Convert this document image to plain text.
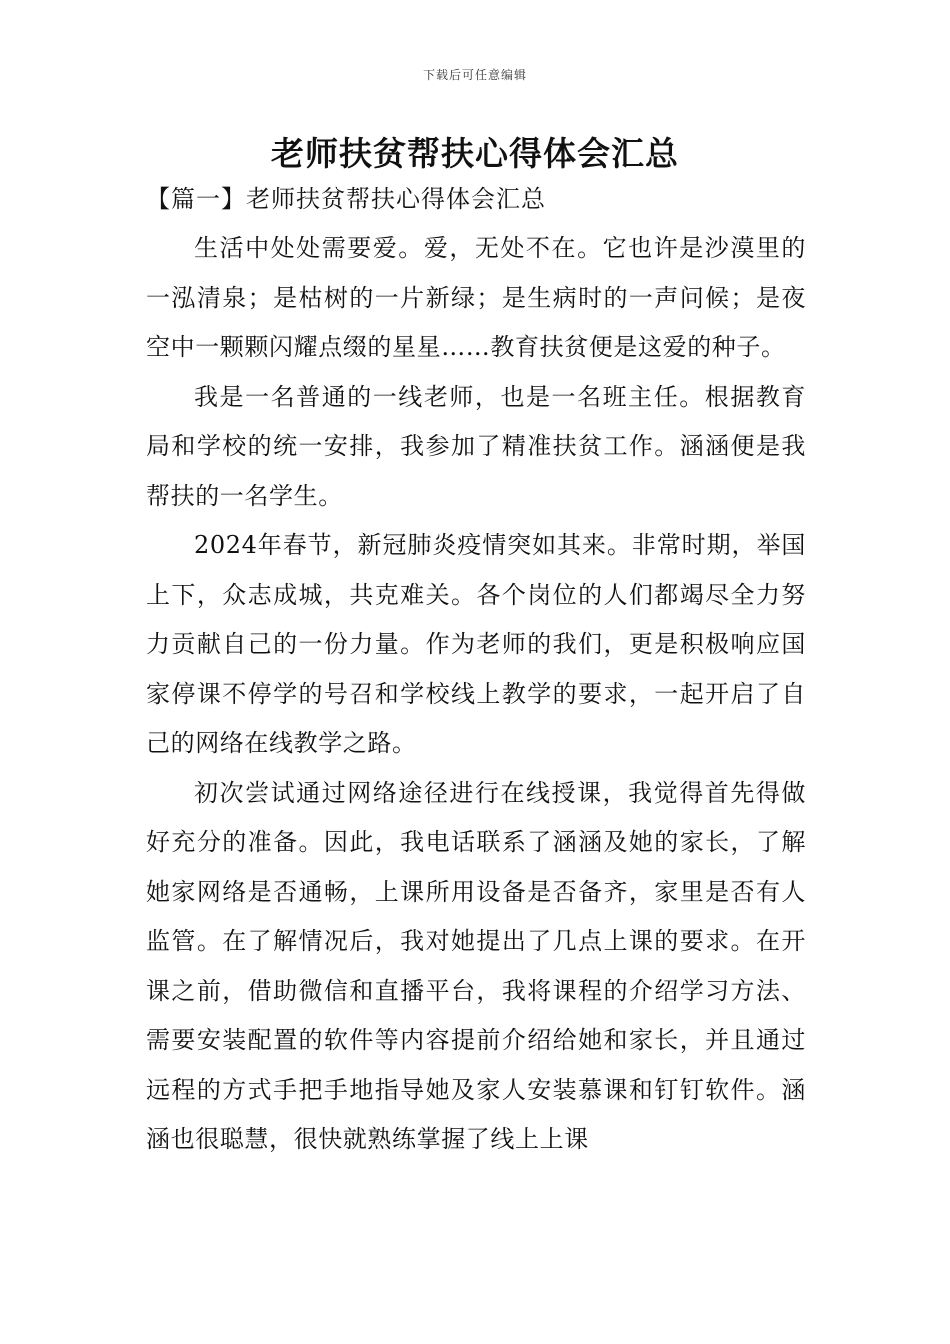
下载后可任意编辑
老师扶贫帮扶心得体会汇总
【篇一】老师扶贫帮扶心得体会汇总

生活中处处需要爱。爱，无处不在。它也许是沙漠里的一泓清泉；是枯树的一片新绿；是生病时的一声问候；是夜空中一颗颗闪耀点缀的星星……教育扶贫便是这爱的种子。

我是一名普通的一线老师，也是一名班主任。根据教育局和学校的统一安排，我参加了精准扶贫工作。涵涵便是我帮扶的一名学生。

2024年春节，新冠肺炎疫情突如其来。非常时期，举国上下，众志成城，共克难关。各个岗位的人们都竭尽全力努力贡献自己的一份力量。作为老师的我们，更是积极响应国家停课不停学的号召和学校线上教学的要求，一起开启了自己的网络在线教学之路。

初次尝试通过网络途径进行在线授课，我觉得首先得做好充分的准备。因此，我电话联系了涵涵及她的家长，了解她家网络是否通畅，上课所用设备是否备齐，家里是否有人监管。在了解情况后，我对她提出了几点上课的要求。在开课之前，借助微信和直播平台，我将课程的介绍学习方法、需要安装配置的软件等内容提前介绍给她和家长，并且通过远程的方式手把手地指导她及家人安装慕课和钉钉软件。涵涵也很聪慧，很快就熟练掌握了线上上课
